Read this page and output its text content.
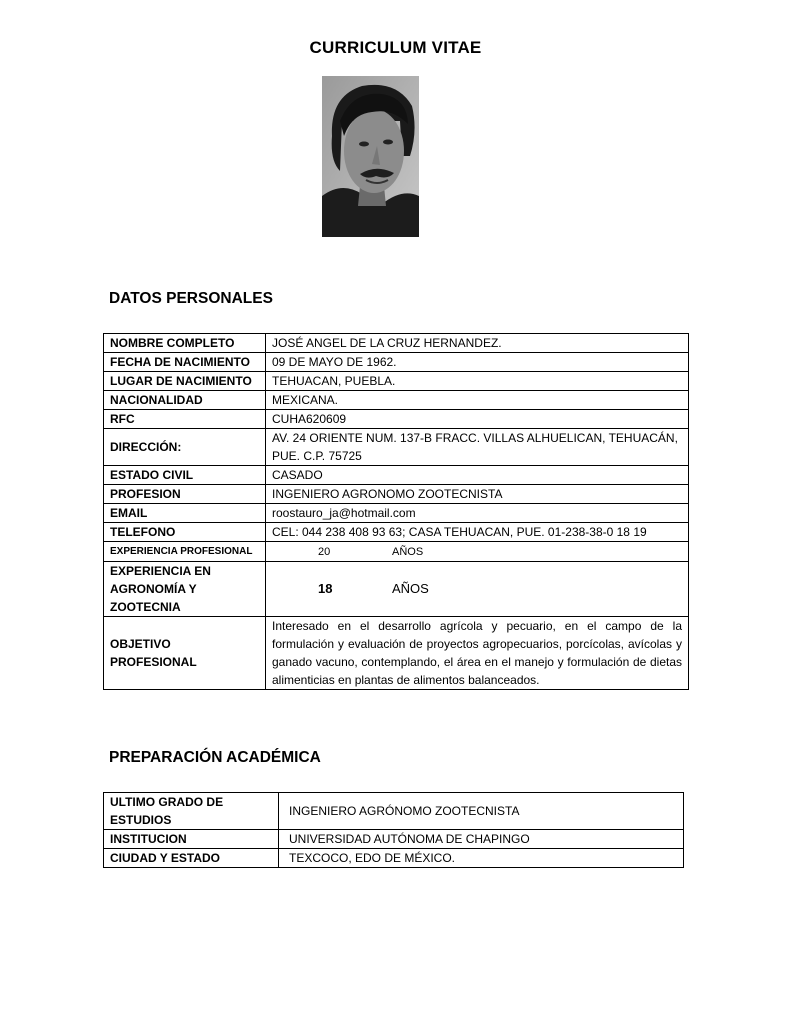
CURRICULUM VITAE
DATOS PERSONALES
NOMBRE COMPLETO	JOSÉ ANGEL DE LA CRUZ HERNANDEZ.
FECHA DE NACIMIENTO	09 DE MAYO DE 1962.
LUGAR DE NACIMIENTO	TEHUACAN, PUEBLA.
NACIONALIDAD	MEXICANA.
RFC	CUHA620609
DIRECCIÓN:	AV. 24 ORIENTE NUM. 137-B FRACC. VILLAS ALHUELICAN, TEHUACÁN, PUE. C.P. 75725
ESTADO CIVIL	CASADO
PROFESION	INGENIERO AGRONOMO ZOOTECNISTA
EMAIL	roostauro_ja@hotmail.com
TELEFONO	CEL: 044 238 408 93 63; CASA TEHUACAN, PUE. 01-238-38-0 18 19
EXPERIENCIA PROFESIONAL	20 AÑOS
EXPERIENCIA EN AGRONOMÍA Y ZOOTECNIA	18 AÑOS
OBJETIVO PROFESIONAL	Interesado en el desarrollo agrícola y pecuario, en el campo de la formulación y evaluación de proyectos agropecuarios, porcícolas, avícolas y ganado vacuno, contemplando, el área en el manejo y formulación de dietas alimenticias en plantas de alimentos balanceados.
PREPARACIÓN ACADÉMICA
ULTIMO GRADO DE ESTUDIOS	INGENIERO AGRÓNOMO ZOOTECNISTA
INSTITUCION	UNIVERSIDAD AUTÓNOMA DE CHAPINGO
CIUDAD Y ESTADO	TEXCOCO, EDO DE MÉXICO.
